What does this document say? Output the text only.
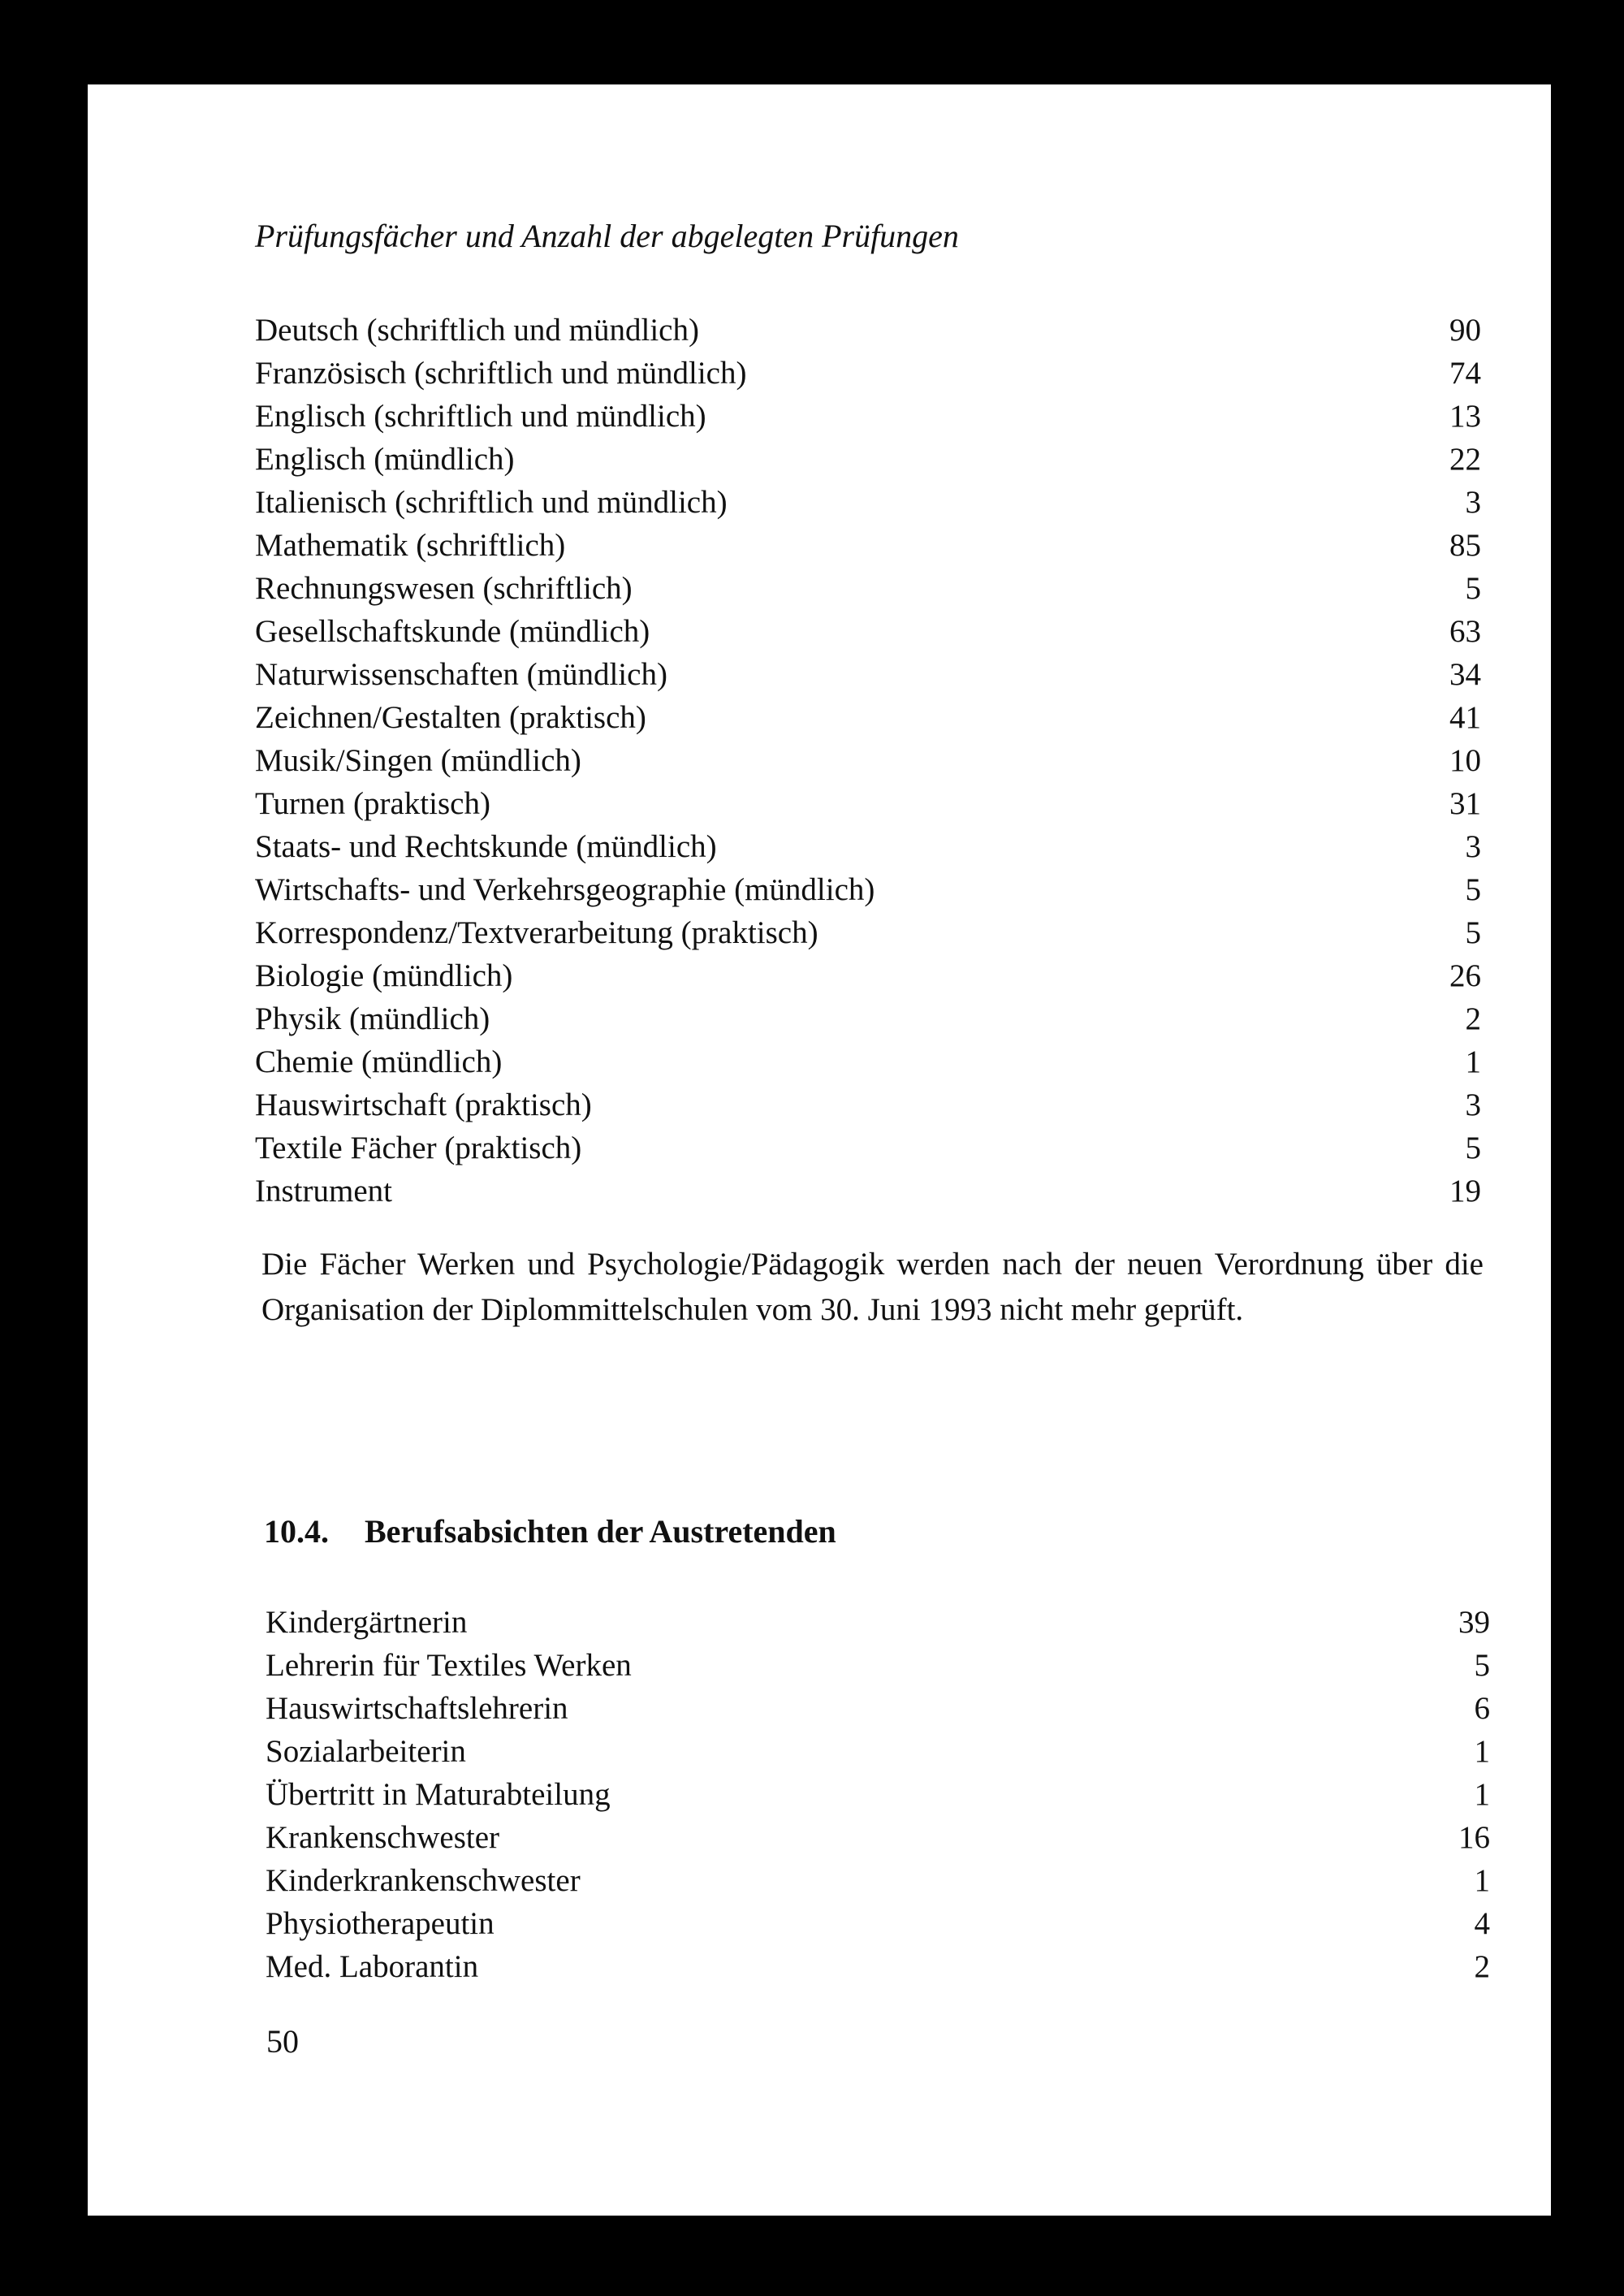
Prüfungsfächer und Anzahl der abgelegten Prüfungen
Deutsch (schriftlich und mündlich)	90
Französisch (schriftlich und mündlich)	74
Englisch (schriftlich und mündlich)	13
Englisch (mündlich)	22
Italienisch (schriftlich und mündlich)	3
Mathematik (schriftlich)	85
Rechnungswesen (schriftlich)	5
Gesellschaftskunde (mündlich)	63
Naturwissenschaften (mündlich)	34
Zeichnen/Gestalten (praktisch)	41
Musik/Singen (mündlich)	10
Turnen (praktisch)	31
Staats- und Rechtskunde (mündlich)	3
Wirtschafts- und Verkehrsgeographie (mündlich)	5
Korrespondenz/Textverarbeitung (praktisch)	5
Biologie (mündlich)	26
Physik (mündlich)	2
Chemie (mündlich)	1
Hauswirtschaft (praktisch)	3
Textile Fächer (praktisch)	5
Instrument	19
Die Fächer Werken und Psychologie/Pädagogik werden nach der neuen Verordnung über die Organisation der Diplommittelschulen vom 30. Juni 1993 nicht mehr geprüft.
10.4. Berufsabsichten der Austretenden
Kindergärtnerin	39
Lehrerin für Textiles Werken	5
Hauswirtschaftslehrerin	6
Sozialarbeiterin	1
Übertritt in Maturabteilung	1
Krankenschwester	16
Kinderkrankenschwester	1
Physiotherapeutin	4
Med. Laborantin	2
50
